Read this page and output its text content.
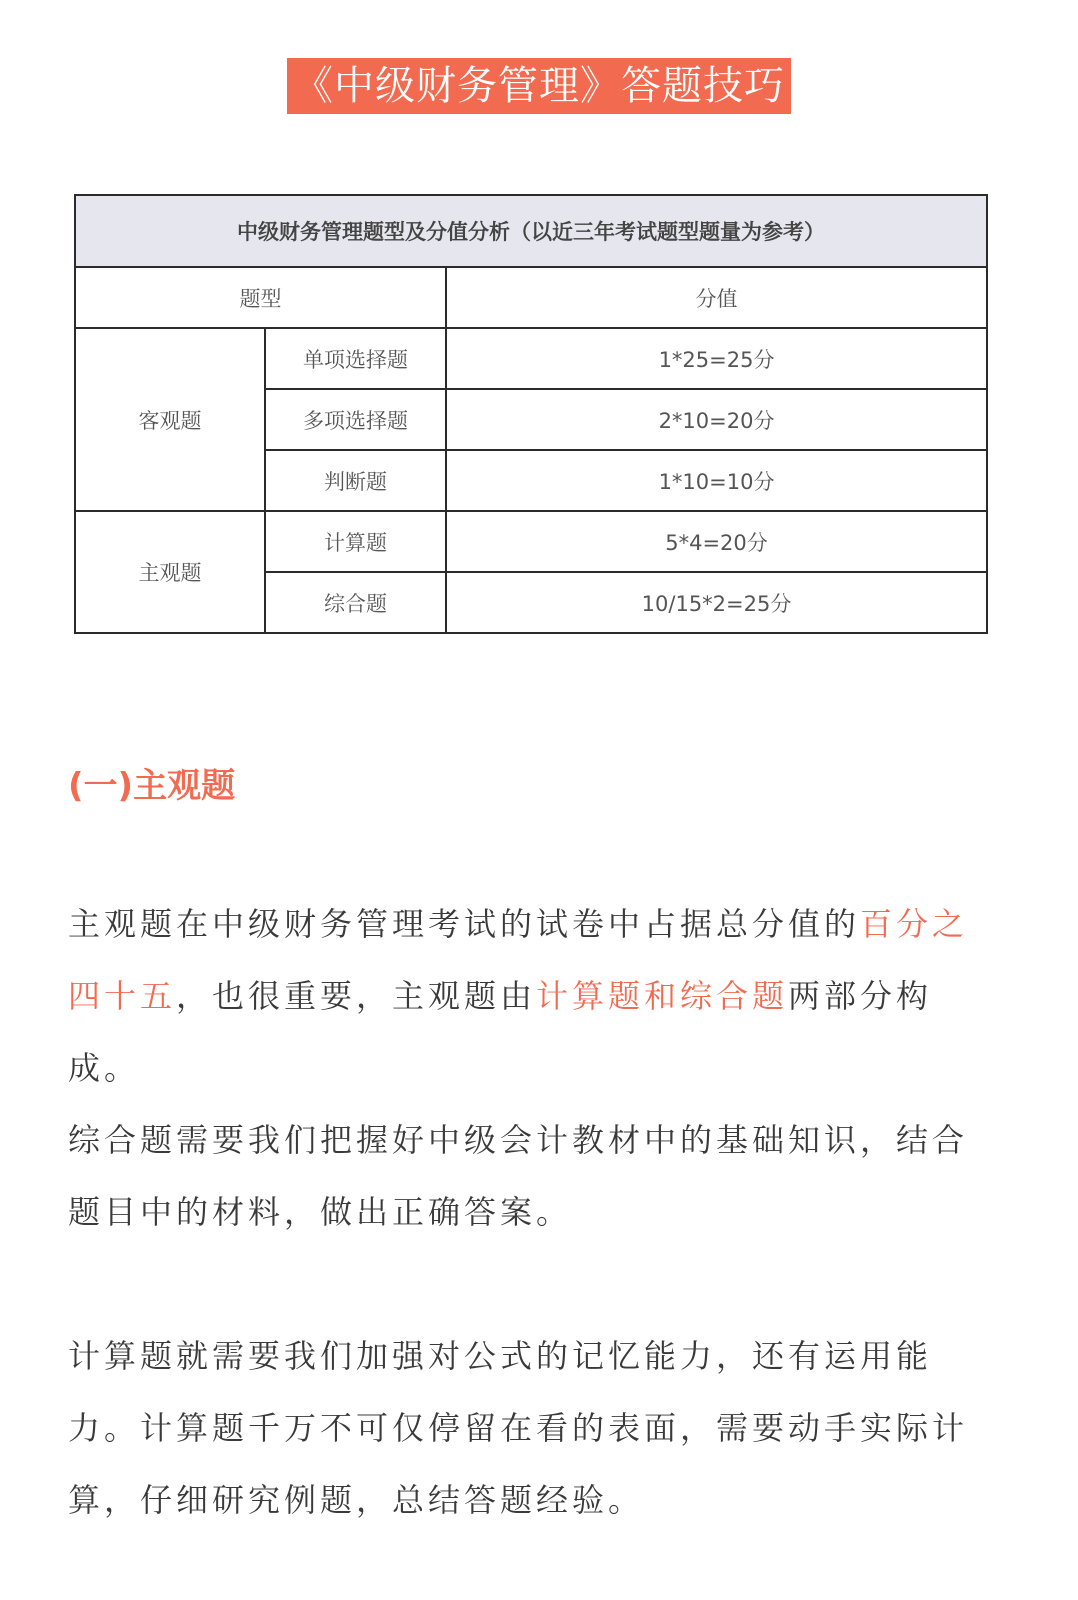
《中级财务管理》答题技巧
中级财务管理题型及分值分析（以近三年考试题型题量为参考）		
题型		分值
客观题	单项选择题	1*25=25分
	多项选择题	2*10=20分
	判断题	1*10=10分
主观题	计算题	5*4=20分
	综合题	10/15*2=25分
(一)主观题

主观题在中级财务管理考试的试卷中占据总分值的百分之四十五，也很重要，主观题由计算题和综合题两部分构成。

综合题需要我们把握好中级会计教材中的基础知识，结合题目中的材料，做出正确答案。

计算题就需要我们加强对公式的记忆能力，还有运用能力。计算题千万不可仅停留在看的表面，需要动手实际计算，仔细研究例题，总结答题经验。
